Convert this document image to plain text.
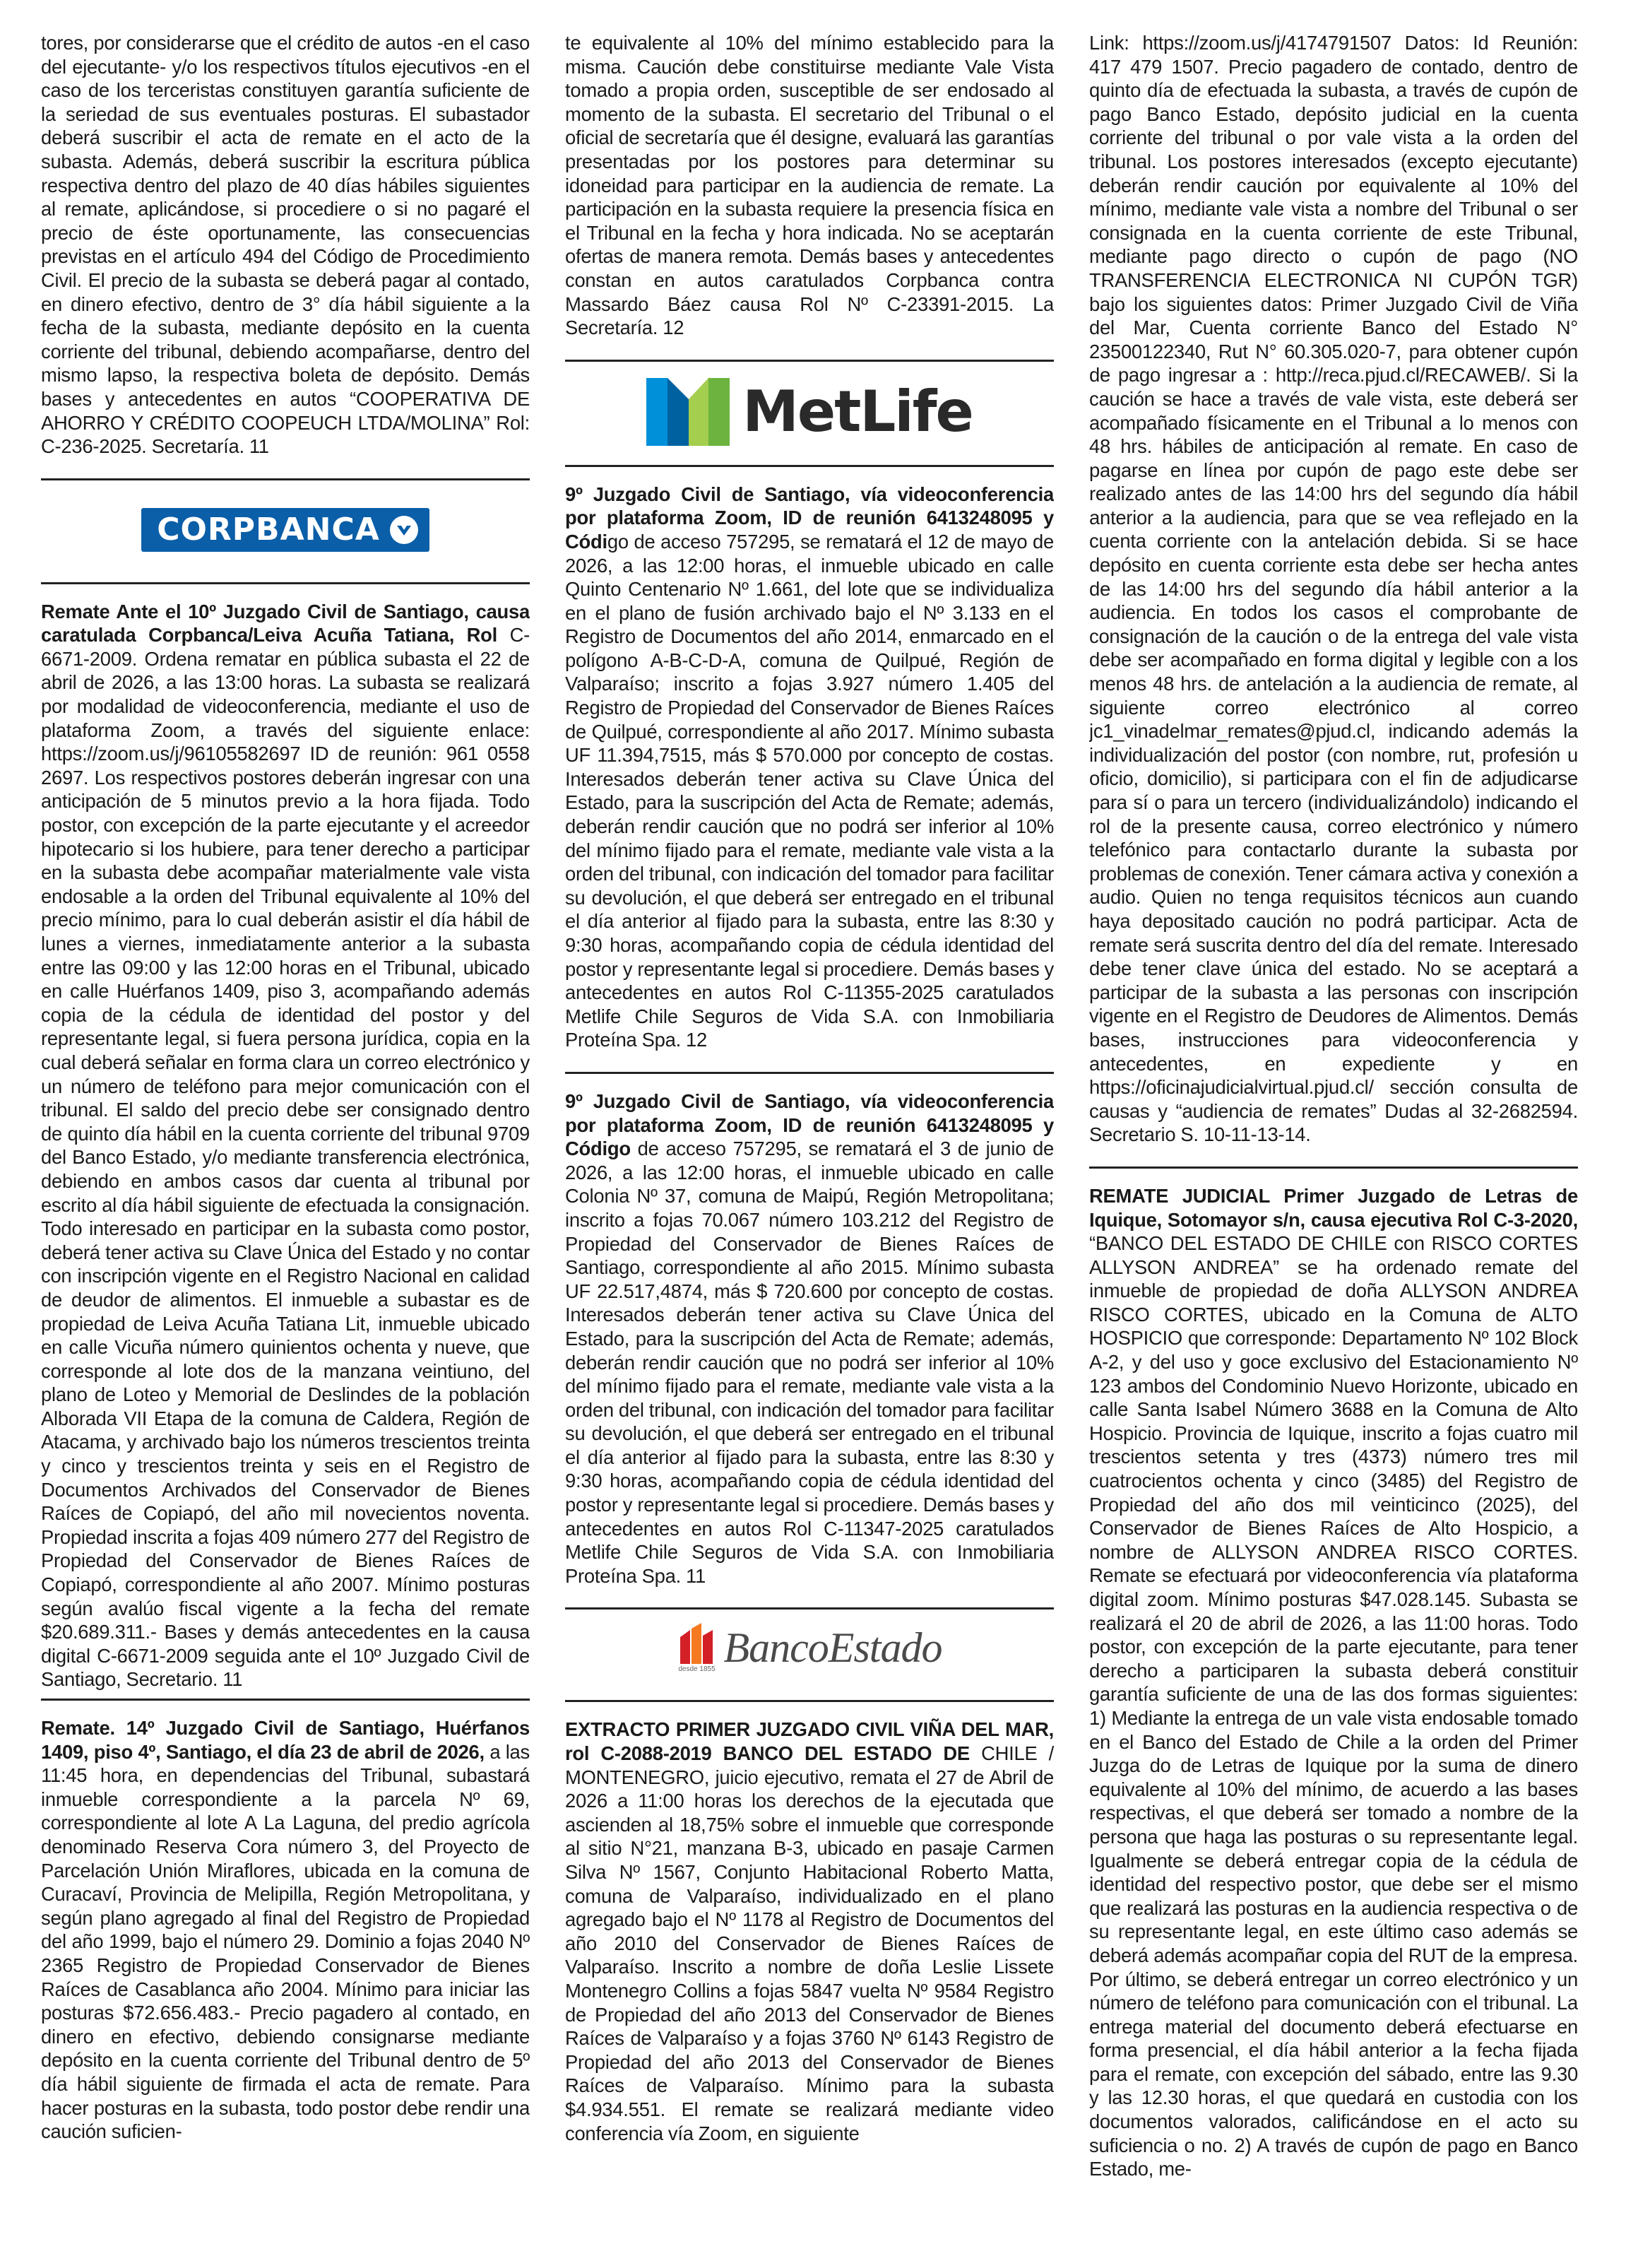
tores, por considerarse que el crédito de autos -en el caso del ejecutante- y/o los respectivos títulos ejecutivos -en el caso de los terceristas constituyen garantía suficiente de la seriedad de sus eventuales posturas. El subastador deberá suscribir el acta de remate en el acto de la subasta. Además, deberá suscribir la escritura pública respectiva dentro del plazo de 40 días hábiles siguientes al remate, aplicándose, si procediere o si no pagaré el precio de éste oportunamente, las consecuencias previstas en el artículo 494 del Código de Procedimiento Civil. El precio de la subasta se deberá pagar al contado, en dinero efectivo, dentro de 3° día hábil siguiente a la fecha de la subasta, mediante depósito en la cuenta corriente del tribunal, debiendo acompañarse, dentro del mismo lapso, la respectiva boleta de depósito. Demás bases y antecedentes en autos “COOPERATIVA DE AHORRO Y CRÉDITO COOPEUCH LTDA/MOLINA” Rol: C-236-2025. Secretaría. 11

CORPBANCA

Remate Ante el 10º Juzgado Civil de Santiago, causa caratulada Corpbanca/Leiva Acuña Tatiana, Rol C-6671-2009. Ordena rematar en pública subasta el 22 de abril de 2026, a las 13:00 horas. La subasta se realizará por modalidad de videoconferencia, mediante el uso de plataforma Zoom, a través del siguiente enlace: https://zoom.us/j/96105582697 ID de reunión: 961 0558 2697. Los respectivos postores deberán ingresar con una anticipación de 5 minutos previo a la hora fijada. Todo postor, con excepción de la parte ejecutante y el acreedor hipotecario si los hubiere, para tener derecho a participar en la subasta debe acompañar materialmente vale vista endosable a la orden del Tribunal equivalente al 10% del precio mínimo, para lo cual deberán asistir el día hábil de lunes a viernes, inmediatamente anterior a la subasta entre las 09:00 y las 12:00 horas en el Tribunal, ubicado en calle Huérfanos 1409, piso 3, acompañando además copia de la cédula de identidad del postor y del representante legal, si fuera persona jurídica, copia en la cual deberá señalar en forma clara un correo electrónico y un número de teléfono para mejor comunicación con el tribunal. El saldo del precio debe ser consignado dentro de quinto día hábil en la cuenta corriente del tribunal 9709 del Banco Estado, y/o mediante transferencia electrónica, debiendo en ambos casos dar cuenta al tribunal por escrito al día hábil siguiente de efectuada la consignación. Todo interesado en participar en la subasta como postor, deberá tener activa su Clave Única del Estado y no contar con inscripción vigente en el Registro Nacional en calidad de deudor de alimentos. El inmueble a subastar es de propiedad de Leiva Acuña Tatiana Lit, inmueble ubicado en calle Vicuña número quinientos ochenta y nueve, que corresponde al lote dos de la manzana veintiuno, del plano de Loteo y Memorial de Deslindes de la población Alborada VII Etapa de la comuna de Caldera, Región de Atacama, y archivado bajo los números trescientos treinta y cinco y trescientos treinta y seis en el Registro de Documentos Archivados del Conservador de Bienes Raíces de Copiapó, del año mil novecientos noventa. Propiedad inscrita a fojas 409 número 277 del Registro de Propiedad del Conservador de Bienes Raíces de Copiapó, correspondiente al año 2007. Mínimo posturas según avalúo fiscal vigente a la fecha del remate $20.689.311.- Bases y demás antecedentes en la causa digital C-6671-2009 seguida ante el 10º Juzgado Civil de Santiago, Secretario. 11

Remate. 14º Juzgado Civil de Santiago, Huérfanos 1409, piso 4º, Santiago, el día 23 de abril de 2026, a las 11:45 hora, en dependencias del Tribunal, subastará inmueble correspondiente a la parcela Nº 69, correspondiente al lote A La Laguna, del predio agrícola denominado Reserva Cora número 3, del Proyecto de Parcelación Unión Miraflores, ubicada en la comuna de Curacaví, Provincia de Melipilla, Región Metropolitana, y según plano agregado al final del Registro de Propiedad del año 1999, bajo el número 29. Dominio a fojas 2040 Nº 2365 Registro de Propiedad Conservador de Bienes Raíces de Casablanca año 2004. Mínimo para iniciar las posturas $72.656.483.- Precio pagadero al contado, en dinero en efectivo, debiendo consignarse mediante depósito en la cuenta corriente del Tribunal dentro de 5º día hábil siguiente de firmada el acta de remate. Para hacer posturas en la subasta, todo postor debe rendir una caución suficien-

te equivalente al 10% del mínimo establecido para la misma. Caución debe constituirse mediante Vale Vista tomado a propia orden, susceptible de ser endosado al momento de la subasta. El secretario del Tribunal o el oficial de secretaría que él designe, evaluará las garantías presentadas por los postores para determinar su idoneidad para participar en la audiencia de remate. La participación en la subasta requiere la presencia física en el Tribunal en la fecha y hora indicada. No se aceptarán ofertas de manera remota. Demás bases y antecedentes constan en autos caratulados Corpbanca contra Massardo Báez causa Rol Nº C-23391-2015. La Secretaría. 12

MetLife

9º Juzgado Civil de Santiago, vía videoconferencia por plataforma Zoom, ID de reunión 6413248095 y Código de acceso 757295, se rematará el 12 de mayo de 2026, a las 12:00 horas, el inmueble ubicado en calle Quinto Centenario Nº 1.661, del lote que se individualiza en el plano de fusión archivado bajo el Nº 3.133 en el Registro de Documentos del año 2014, enmarcado en el polígono A-B-C-D-A, comuna de Quilpué, Región de Valparaíso; inscrito a fojas 3.927 número 1.405 del Registro de Propiedad del Conservador de Bienes Raíces de Quilpué, correspondiente al año 2017. Mínimo subasta UF 11.394,7515, más $ 570.000 por concepto de costas. Interesados deberán tener activa su Clave Única del Estado, para la suscripción del Acta de Remate; además, deberán rendir caución que no podrá ser inferior al 10% del mínimo fijado para el remate, mediante vale vista a la orden del tribunal, con indicación del tomador para facilitar su devolución, el que deberá ser entregado en el tribunal el día anterior al fijado para la subasta, entre las 8:30 y 9:30 horas, acompañando copia de cédula identidad del postor y representante legal si procediere. Demás bases y antecedentes en autos Rol C-11355-2025 caratulados Metlife Chile Seguros de Vida S.A. con Inmobiliaria Proteína Spa. 12

9º Juzgado Civil de Santiago, vía videoconferencia por plataforma Zoom, ID de reunión 6413248095 y Código de acceso 757295, se rematará el 3 de junio de 2026, a las 12:00 horas, el inmueble ubicado en calle Colonia Nº 37, comuna de Maipú, Región Metropolitana; inscrito a fojas 70.067 número 103.212 del Registro de Propiedad del Conservador de Bienes Raíces de Santiago, correspondiente al año 2015. Mínimo subasta UF 22.517,4874, más $ 720.600 por concepto de costas. Interesados deberán tener activa su Clave Única del Estado, para la suscripción del Acta de Remate; además, deberán rendir caución que no podrá ser inferior al 10% del mínimo fijado para el remate, mediante vale vista a la orden del tribunal, con indicación del tomador para facilitar su devolución, el que deberá ser entregado en el tribunal el día anterior al fijado para la subasta, entre las 8:30 y 9:30 horas, acompañando copia de cédula identidad del postor y representante legal si procediere. Demás bases y antecedentes en autos Rol C-11347-2025 caratulados Metlife Chile Seguros de Vida S.A. con Inmobiliaria Proteína Spa. 11

desde 1855 BancoEstado

EXTRACTO PRIMER JUZGADO CIVIL VIÑA DEL MAR, rol C-2088-2019 BANCO DEL ESTADO DE CHILE / MONTENEGRO, juicio ejecutivo, remata el 27 de Abril de 2026 a 11:00 horas los derechos de la ejecutada que ascienden al 18,75% sobre el inmueble que corresponde al sitio N°21, manzana B-3, ubicado en pasaje Carmen Silva Nº 1567, Conjunto Habitacional Roberto Matta, comuna de Valparaíso, individualizado en el plano agregado bajo el Nº 1178 al Registro de Documentos del año 2010 del Conservador de Bienes Raíces de Valparaíso. Inscrito a nombre de doña Leslie Lissete Montenegro Collins a fojas 5847 vuelta Nº 9584 Registro de Propiedad del año 2013 del Conservador de Bienes Raíces de Valparaíso y a fojas 3760 Nº 6143 Registro de Propiedad del año 2013 del Conservador de Bienes Raíces de Valparaíso. Mínimo para la subasta $4.934.551. El remate se realizará mediante video conferencia vía Zoom, en siguiente

Link: https://zoom.us/j/4174791507 Datos: Id Reunión: 417 479 1507. Precio pagadero de contado, dentro de quinto día de efectuada la subasta, a través de cupón de pago Banco Estado, depósito judicial en la cuenta corriente del tribunal o por vale vista a la orden del tribunal. Los postores interesados (excepto ejecutante) deberán rendir caución por equivalente al 10% del mínimo, mediante vale vista a nombre del Tribunal o ser consignada en la cuenta corriente de este Tribunal, mediante pago directo o cupón de pago (NO TRANSFERENCIA ELECTRONICA NI CUPÓN TGR) bajo los siguientes datos: Primer Juzgado Civil de Viña del Mar, Cuenta corriente Banco del Estado N° 23500122340, Rut N° 60.305.020-7, para obtener cupón de pago ingresar a : http://reca.pjud.cl/RECAWEB/. Si la caución se hace a través de vale vista, este deberá ser acompañado físicamente en el Tribunal a lo menos con 48 hrs. hábiles de anticipación al remate. En caso de pagarse en línea por cupón de pago este debe ser realizado antes de las 14:00 hrs del segundo día hábil anterior a la audiencia, para que se vea reflejado en la cuenta corriente con la antelación debida. Si se hace depósito en cuenta corriente esta debe ser hecha antes de las 14:00 hrs del segundo día hábil anterior a la audiencia. En todos los casos el comprobante de consignación de la caución o de la entrega del vale vista debe ser acompañado en forma digital y legible con a los menos 48 hrs. de antelación a la audiencia de remate, al siguiente correo electrónico al correo jc1_vinadelmar_remates@pjud.cl, indicando además la individualización del postor (con nombre, rut, profesión u oficio, domicilio), si participara con el fin de adjudicarse para sí o para un tercero (individualizándolo) indicando el rol de la presente causa, correo electrónico y número telefónico para contactarlo durante la subasta por problemas de conexión. Tener cámara activa y conexión a audio. Quien no tenga requisitos técnicos aun cuando haya depositado caución no podrá participar. Acta de remate será suscrita dentro del día del remate. Interesado debe tener clave única del estado. No se aceptará a participar de la subasta a las personas con inscripción vigente en el Registro de Deudores de Alimentos. Demás bases, instrucciones para videoconferencia y antecedentes, en expediente y en https://oficinajudicialvirtual.pjud.cl/ sección consulta de causas y “audiencia de remates” Dudas al 32-2682594. Secretario S. 10-11-13-14.

REMATE JUDICIAL Primer Juzgado de Letras de Iquique, Sotomayor s/n, causa ejecutiva Rol C-3-2020, “BANCO DEL ESTADO DE CHILE con RISCO CORTES ALLYSON ANDREA” se ha ordenado remate del inmueble de propiedad de doña ALLYSON ANDREA RISCO CORTES, ubicado en la Comuna de ALTO HOSPICIO que corresponde: Departamento Nº 102 Block A-2, y del uso y goce exclusivo del Estacionamiento Nº 123 ambos del Condominio Nuevo Horizonte, ubicado en calle Santa Isabel Número 3688 en la Comuna de Alto Hospicio. Provincia de Iquique, inscrito a fojas cuatro mil trescientos setenta y tres (4373) número tres mil cuatrocientos ochenta y cinco (3485) del Registro de Propiedad del año dos mil veinticinco (2025), del Conservador de Bienes Raíces de Alto Hospicio, a nombre de ALLYSON ANDREA RISCO CORTES. Remate se efectuará por videoconferencia vía plataforma digital zoom. Mínimo posturas $47.028.145. Subasta se realizará el 20 de abril de 2026, a las 11:00 horas. Todo postor, con excepción de la parte ejecutante, para tener derecho a participaren la subasta deberá constituir garantía suficiente de una de las dos formas siguientes: 1) Mediante la entrega de un vale vista endosable tomado en el Banco del Estado de Chile a la orden del Primer Juzga do de Letras de Iquique por la suma de dinero equivalente al 10% del mínimo, de acuerdo a las bases respectivas, el que deberá ser tomado a nombre de la persona que haga las posturas o su representante legal. Igualmente se deberá entregar copia de la cédula de identidad del respectivo postor, que debe ser el mismo que realizará las posturas en la audiencia respectiva o de su representante legal, en este último caso además se deberá además acompañar copia del RUT de la empresa. Por último, se deberá entregar un correo electrónico y un número de teléfono para comunicación con el tribunal. La entrega material del documento deberá efectuarse en forma presencial, el día hábil anterior a la fecha fijada para el remate, con excepción del sábado, entre las 9.30 y las 12.30 horas, el que quedará en custodia con los documentos valorados, calificándose en el acto su suficiencia o no. 2) A través de cupón de pago en Banco Estado, me-
